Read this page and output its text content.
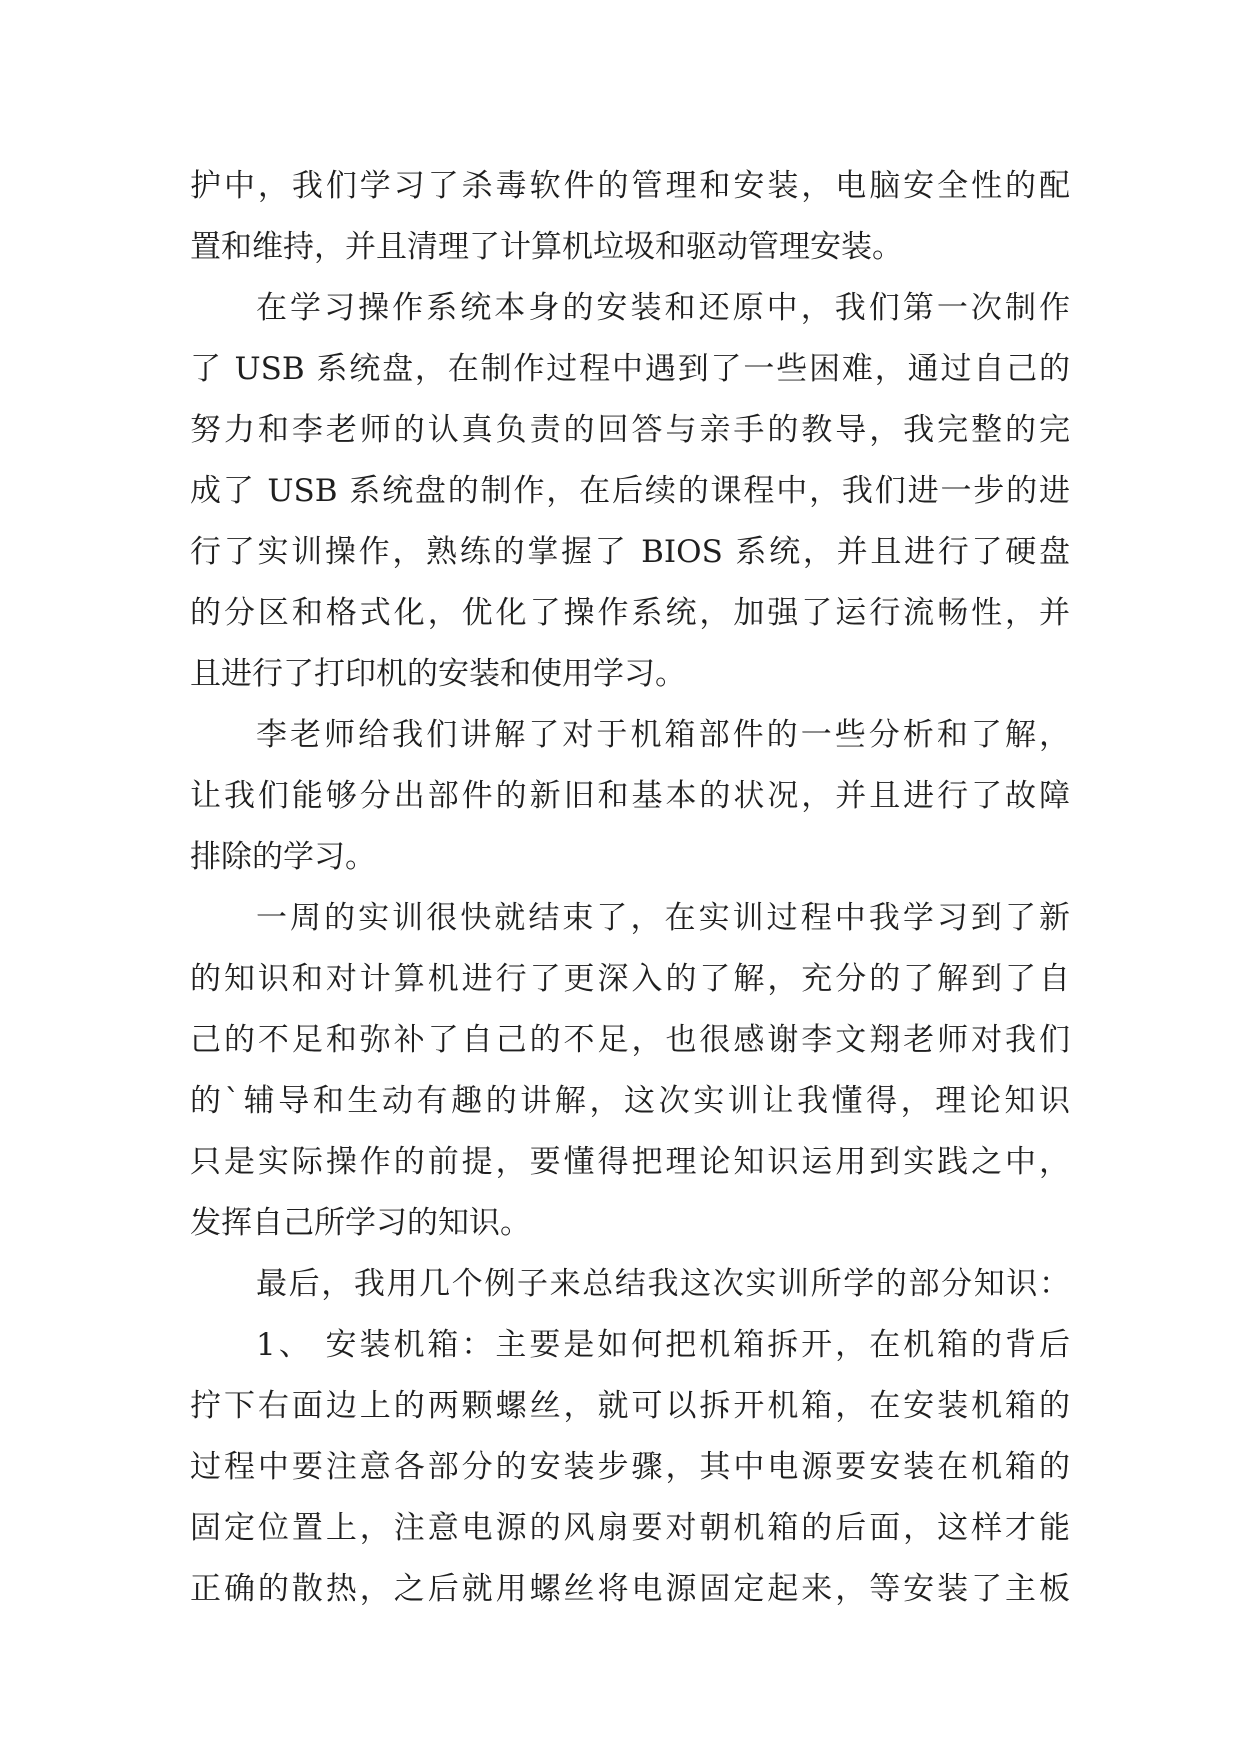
护中，我们学习了杀毒软件的管理和安装，电脑安全性的配
置和维持，并且清理了计算机垃圾和驱动管理安装。
在学习操作系统本身的安装和还原中，我们第一次制作
了 USB 系统盘，在制作过程中遇到了一些困难，通过自己的
努力和李老师的认真负责的回答与亲手的教导，我完整的完
成了 USB 系统盘的制作，在后续的课程中，我们进一步的进
行了实训操作，熟练的掌握了 BIOS 系统，并且进行了硬盘
的分区和格式化，优化了操作系统，加强了运行流畅性，并
且进行了打印机的安装和使用学习。
李老师给我们讲解了对于机箱部件的一些分析和了解，
让我们能够分出部件的新旧和基本的状况，并且进行了故障
排除的学习。
一周的实训很快就结束了，在实训过程中我学习到了新
的知识和对计算机进行了更深入的了解，充分的了解到了自
己的不足和弥补了自己的不足，也很感谢李文翔老师对我们
的`辅导和生动有趣的讲解，这次实训让我懂得，理论知识
只是实际操作的前提，要懂得把理论知识运用到实践之中，
发挥自己所学习的知识。
最后，我用几个例子来总结我这次实训所学的部分知识：
1、 安装机箱：主要是如何把机箱拆开，在机箱的背后
拧下右面边上的两颗螺丝，就可以拆开机箱，在安装机箱的
过程中要注意各部分的安装步骤，其中电源要安装在机箱的
固定位置上，注意电源的风扇要对朝机箱的后面，这样才能
正确的散热，之后就用螺丝将电源固定起来，等安装了主板
